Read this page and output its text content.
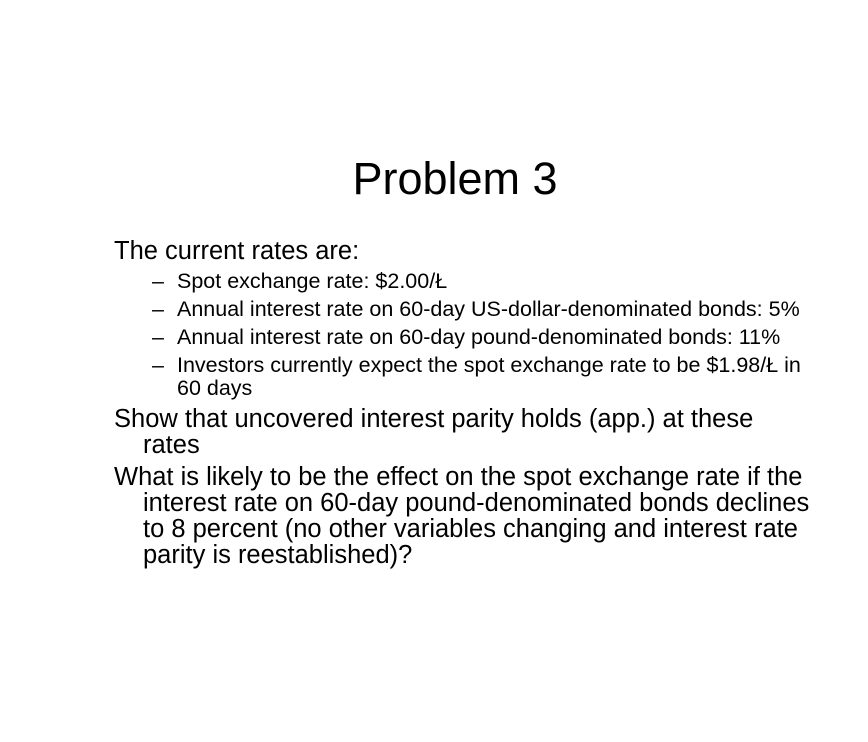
Problem 3

The current rates are:

– Spot exchange rate: $2.00/Ł
– Annual interest rate on 60-day US-dollar-denominated bonds: 5%
– Annual interest rate on 60-day pound-denominated bonds: 11%
– Investors currently expect the spot exchange rate to be $1.98/Ł in 60 days

Show that uncovered interest parity holds (app.) at these rates

What is likely to be the effect on the spot exchange rate if the interest rate on 60-day pound-denominated bonds declines to 8 percent (no other variables changing and interest rate parity is reestablished)?
